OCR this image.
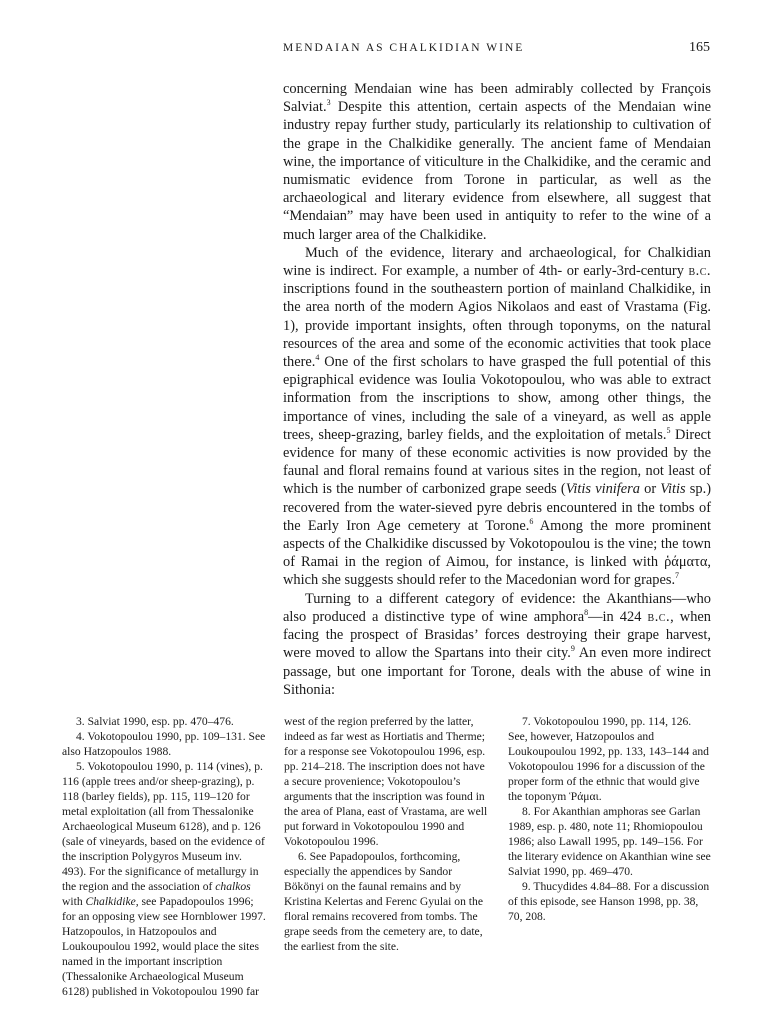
MENDAIAN AS CHALKIDIAN WINE	165

concerning Mendaian wine has been admirably collected by François Salviat.$^3$ Despite this attention, certain aspects of the Mendaian wine industry repay further study, particularly its relationship to cultivation of the grape in the Chalkidike generally. The ancient fame of Mendaian wine, the importance of viticulture in the Chalkidike, and the ceramic and numismatic evidence from Torone in particular, as well as the archaeological and literary evidence from elsewhere, all suggest that “Mendaian” may have been used in antiquity to refer to the wine of a much larger area of the Chalkidike.

Much of the evidence, literary and archaeological, for Chalkidian wine is indirect. For example, a number of 4th- or early-3rd-century b.c. inscriptions found in the southeastern portion of mainland Chalkidike, in the area north of the modern Agios Nikolaos and east of Vrastama (Fig. 1), provide important insights, often through toponyms, on the natural resources of the area and some of the economic activities that took place there.$^4$ One of the first scholars to have grasped the full potential of this epigraphical evidence was Ioulia Vokotopoulou, who was able to extract information from the inscriptions to show, among other things, the importance of vines, including the sale of a vineyard, as well as apple trees, sheep-grazing, barley fields, and the exploitation of metals.$^5$ Direct evidence for many of these economic activities is now provided by the faunal and floral remains found at various sites in the region, not least of which is the number of carbonized grape seeds (Vitis vinifera or Vitis sp.) recovered from the water-sieved pyre debris encountered in the tombs of the Early Iron Age cemetery at Torone.$^6$ Among the more prominent aspects of the Chalkidike discussed by Vokotopoulou is the vine; the town of Ramai in the region of Aimou, for instance, is linked with ῥάματα, which she suggests should refer to the Macedonian word for grapes.$^7$

Turning to a different category of evidence: the Akanthians—who also produced a distinctive type of wine amphora$^8$—in 424 b.c., when facing the prospect of Brasidas’ forces destroying their grape harvest, were moved to allow the Spartans into their city.$^9$ An even more indirect passage, but one important for Torone, deals with the abuse of wine in Sithonia:

3. Salviat 1990, esp. pp. 470–476.

4. Vokotopoulou 1990, pp. 109–131. See also Hatzopoulos 1988.

5. Vokotopoulou 1990, p. 114 (vines), p. 116 (apple trees and/or sheep-grazing), p. 118 (barley fields), pp. 115, 119–120 for metal exploitation (all from Thessalonike Archaeological Museum 6128), and p. 126 (sale of vineyards, based on the evidence of the inscription Polygyros Museum inv. 493). For the significance of metallurgy in the region and the association of chalkos with Chalkidike, see Papadopoulos 1996; for an opposing view see Hornblower 1997. Hatzopoulos, in Hatzopoulos and Loukoupoulou 1992, would place the sites named in the important inscription (Thessalonike Archaeological Museum 6128) published in Vokotopoulou 1990 far

west of the region preferred by the latter, indeed as far west as Hortiatis and Therme; for a response see Vokotopoulou 1996, esp. pp. 214–218. The inscription does not have a secure provenience; Vokotopoulou’s arguments that the inscription was found in the area of Plana, east of Vrastama, are well put forward in Vokotopoulou 1990 and Vokotopoulou 1996.

6. See Papadopoulos, forthcoming, especially the appendices by Sandor Bökönyi on the faunal remains and by Kristina Kelertas and Ferenc Gyulai on the floral remains recovered from tombs. The grape seeds from the cemetery are, to date, the earliest from the site.

7. Vokotopoulou 1990, pp. 114, 126. See, however, Hatzopoulos and Loukoupoulou 1992, pp. 133, 143–144 and Vokotopoulou 1996 for a discussion of the proper form of the ethnic that would give the toponym Ῥάμαι.

8. For Akanthian amphoras see Garlan 1989, esp. p. 480, note 11; Rhomiopoulou 1986; also Lawall 1995, pp. 149–156. For the literary evidence on Akanthian wine see Salviat 1990, pp. 469–470.

9. Thucydides 4.84–88. For a discussion of this episode, see Hanson 1998, pp. 38, 70, 208.
